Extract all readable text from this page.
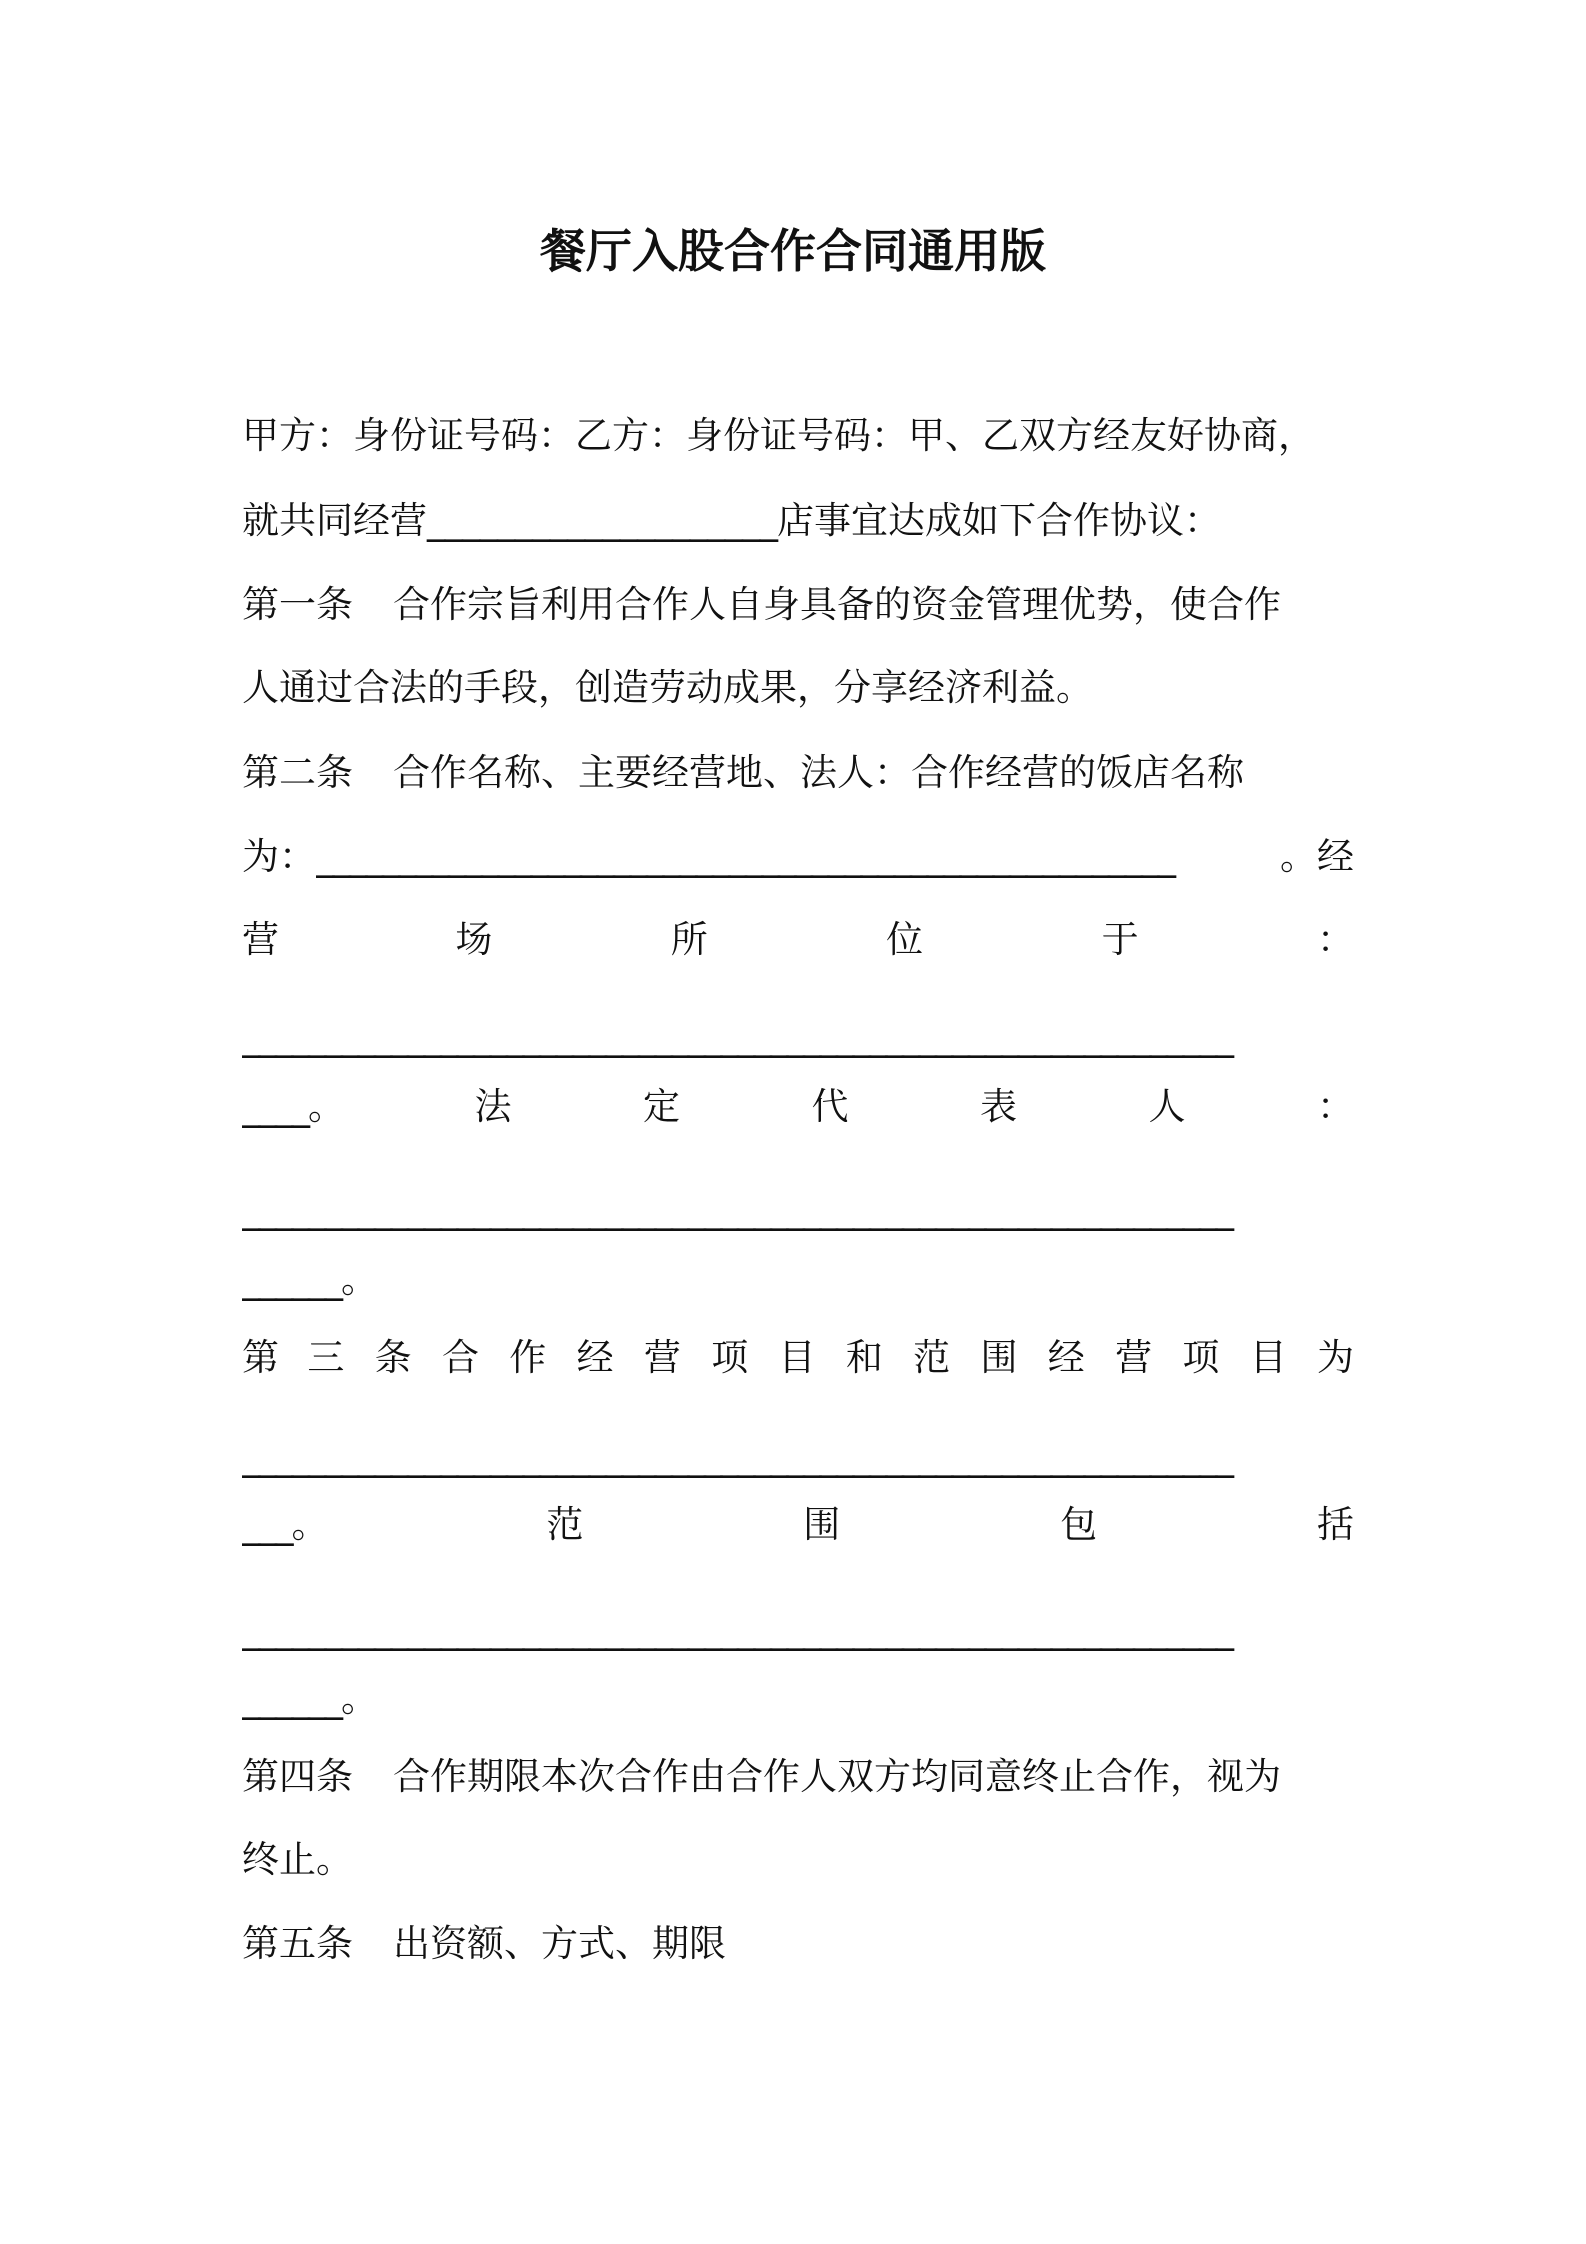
餐厅入股合作合同通用版
甲方：身份证号码：乙方：身份证号码：甲、乙双方经友好协商，
就共同经营 ____________________ 店事宜达成如下合作协议：
第一条 合作宗旨利用合作人自身具备的资金管理优势，使合作
人通过合法的手段，创造劳动成果，分享经济利益。
第二条 合作名称、主要经营地、法人：合作经营的饭店名称
为： ____________________________________________________	。经
营	场	所	位	于	：
____________________________________________________________
____。	法	定	代	表	人	：
____________________________________________________________
______。
第 三 条 合 作 经 营 项 目 和 范 围 经 营 项 目 为
____________________________________________________________
___。	范	围	包	括
____________________________________________________________
______。
第四条 合作期限本次合作由合作人双方均同意终止合作，视为
终止。
第五条 出资额、方式、期限
